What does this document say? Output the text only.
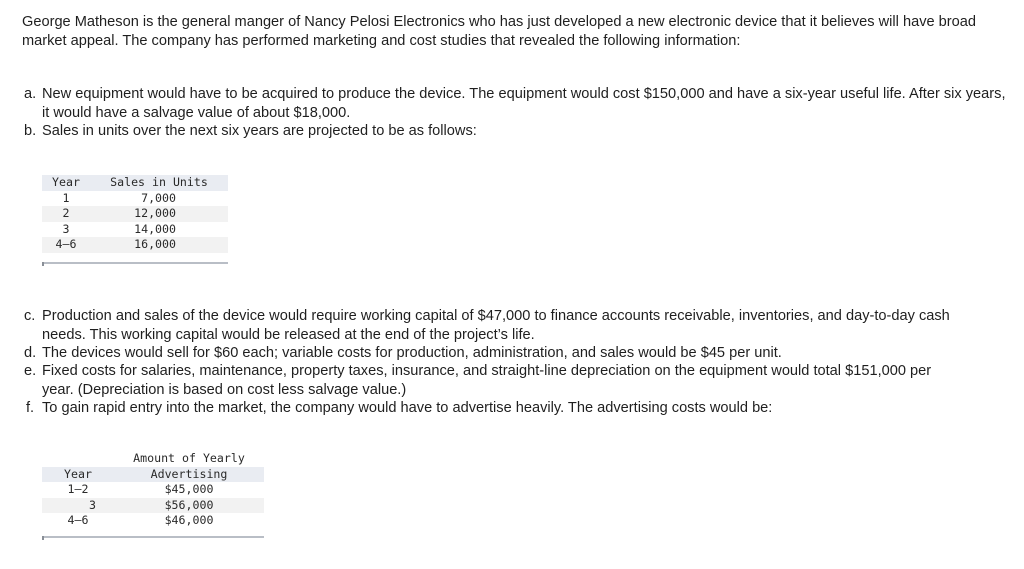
George Matheson is the general manger of Nancy Pelosi Electronics who has just developed a new electronic device that it believes will have broad market appeal. The company has performed marketing and cost studies that revealed the following information:
a. New equipment would have to be acquired to produce the device. The equipment would cost $150,000 and have a six-year useful life. After six years, it would have a salvage value of about $18,000.
b. Sales in units over the next six years are projected to be as follows:
Year	Sales in Units
1	7,000
2	12,000
3	14,000
4–6	16,000
c. Production and sales of the device would require working capital of $47,000 to finance accounts receivable, inventories, and day-to-day cash needs. This working capital would be released at the end of the project’s life.
d. The devices would sell for $60 each; variable costs for production, administration, and sales would be $45 per unit.
e. Fixed costs for salaries, maintenance, property taxes, insurance, and straight-line depreciation on the equipment would total $151,000 per year. (Depreciation is based on cost less salvage value.)
f. To gain rapid entry into the market, the company would have to advertise heavily. The advertising costs would be:
	Amount of Yearly
Year	Advertising
1–2	$45,000
3	$56,000
4–6	$46,000
